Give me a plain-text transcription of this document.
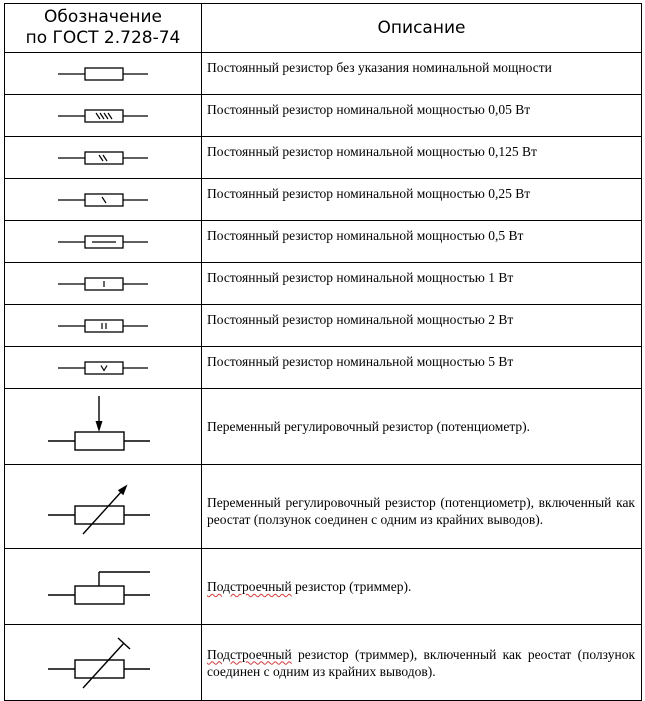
Обозначение
по ГОСТ 2.728-74	Описание

	Постоянный резистор без указания номинальной мощности

	Постоянный резистор номинальной мощностью 0,05 Вт

	Постоянный резистор номинальной мощностью 0,125 Вт

	Постоянный резистор номинальной мощностью 0,25 Вт

	Постоянный резистор номинальной мощностью 0,5 Вт

	Постоянный резистор номинальной мощностью 1 Вт

	Постоянный резистор номинальной мощностью 2 Вт

	Постоянный резистор номинальной мощностью 5 Вт

	Переменный регулировочный резистор (потенциометр).

	Переменный регулировочный резистор (потенциометр), включенный как реостат (ползунок соединен с одним из крайних выводов).

	Подстроечный резистор (триммер).

	Подстроечный резистор (триммер), включенный как реостат (ползунок соединен с одним из крайних выводов).
